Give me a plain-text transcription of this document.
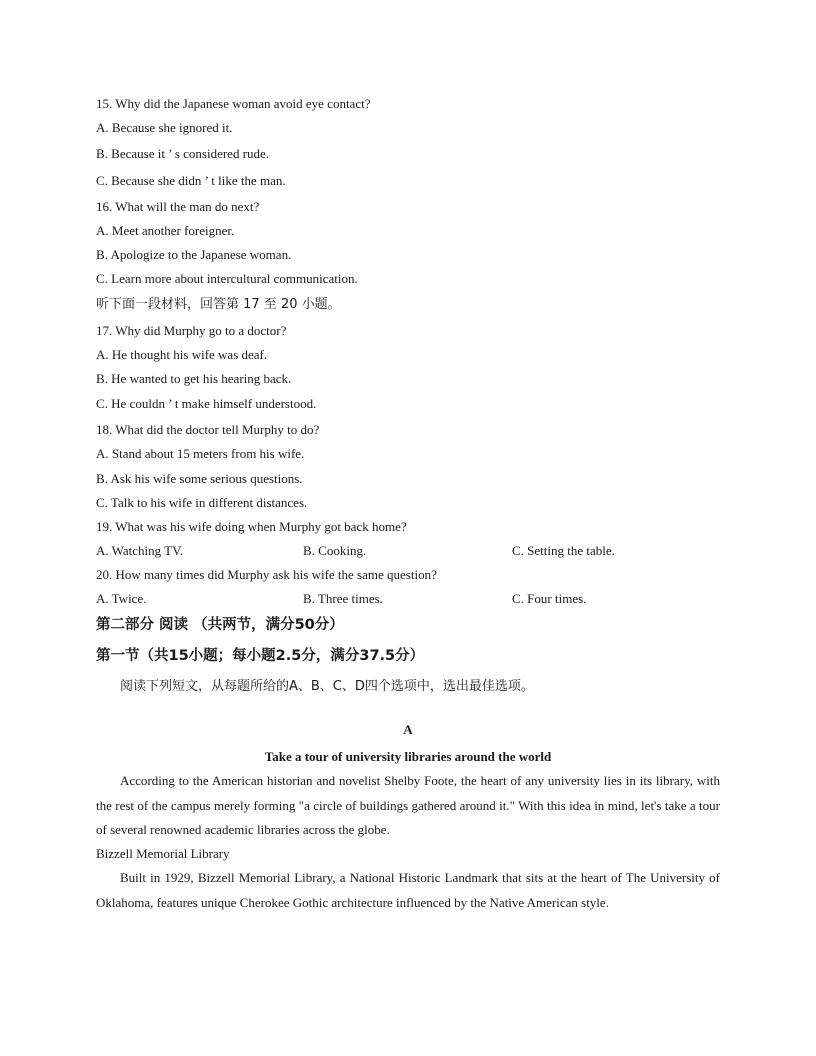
15. Why did the Japanese woman avoid eye contact?
A. Because she ignored it.
B. Because it ’ s considered rude.
C. Because she didn ’ t like the man.
16. What will the man do next?
A. Meet another foreigner.
B. Apologize to the Japanese woman.
C. Learn more about intercultural communication.
听下面一段材料，回答第 17 至 20 小题。
17. Why did Murphy go to a doctor?
A. He thought his wife was deaf.
B. He wanted to get his hearing back.
C. He couldn ’ t make himself understood.
18. What did the doctor tell Murphy to do?
A. Stand about 15 meters from his wife.
B. Ask his wife some serious questions.
C. Talk to his wife in different distances.
19. What was his wife doing when Murphy got back home?
A. Watching TV.	B. Cooking.	C. Setting the table.
20. How many times did Murphy ask his wife the same question?
A. Twice.	B. Three times.	C. Four times.
第二部分 阅读 （共两节，满分50分）
第一节（共15小题；每小题2.5分，满分37.5分）
阅读下列短文，从每题所给的A、B、C、D四个选项中，选出最佳选项。
A
Take a tour of university libraries around the world
According to the American historian and novelist Shelby Foote, the heart of any university lies in its library, with the rest of the campus merely forming "a circle of buildings gathered around it." With this idea in mind, let's take a tour of several renowned academic libraries across the globe.
Bizzell Memorial Library
Built in 1929, Bizzell Memorial Library, a National Historic Landmark that sits at the heart of The University of Oklahoma, features unique Cherokee Gothic architecture influenced by the Native American style.
